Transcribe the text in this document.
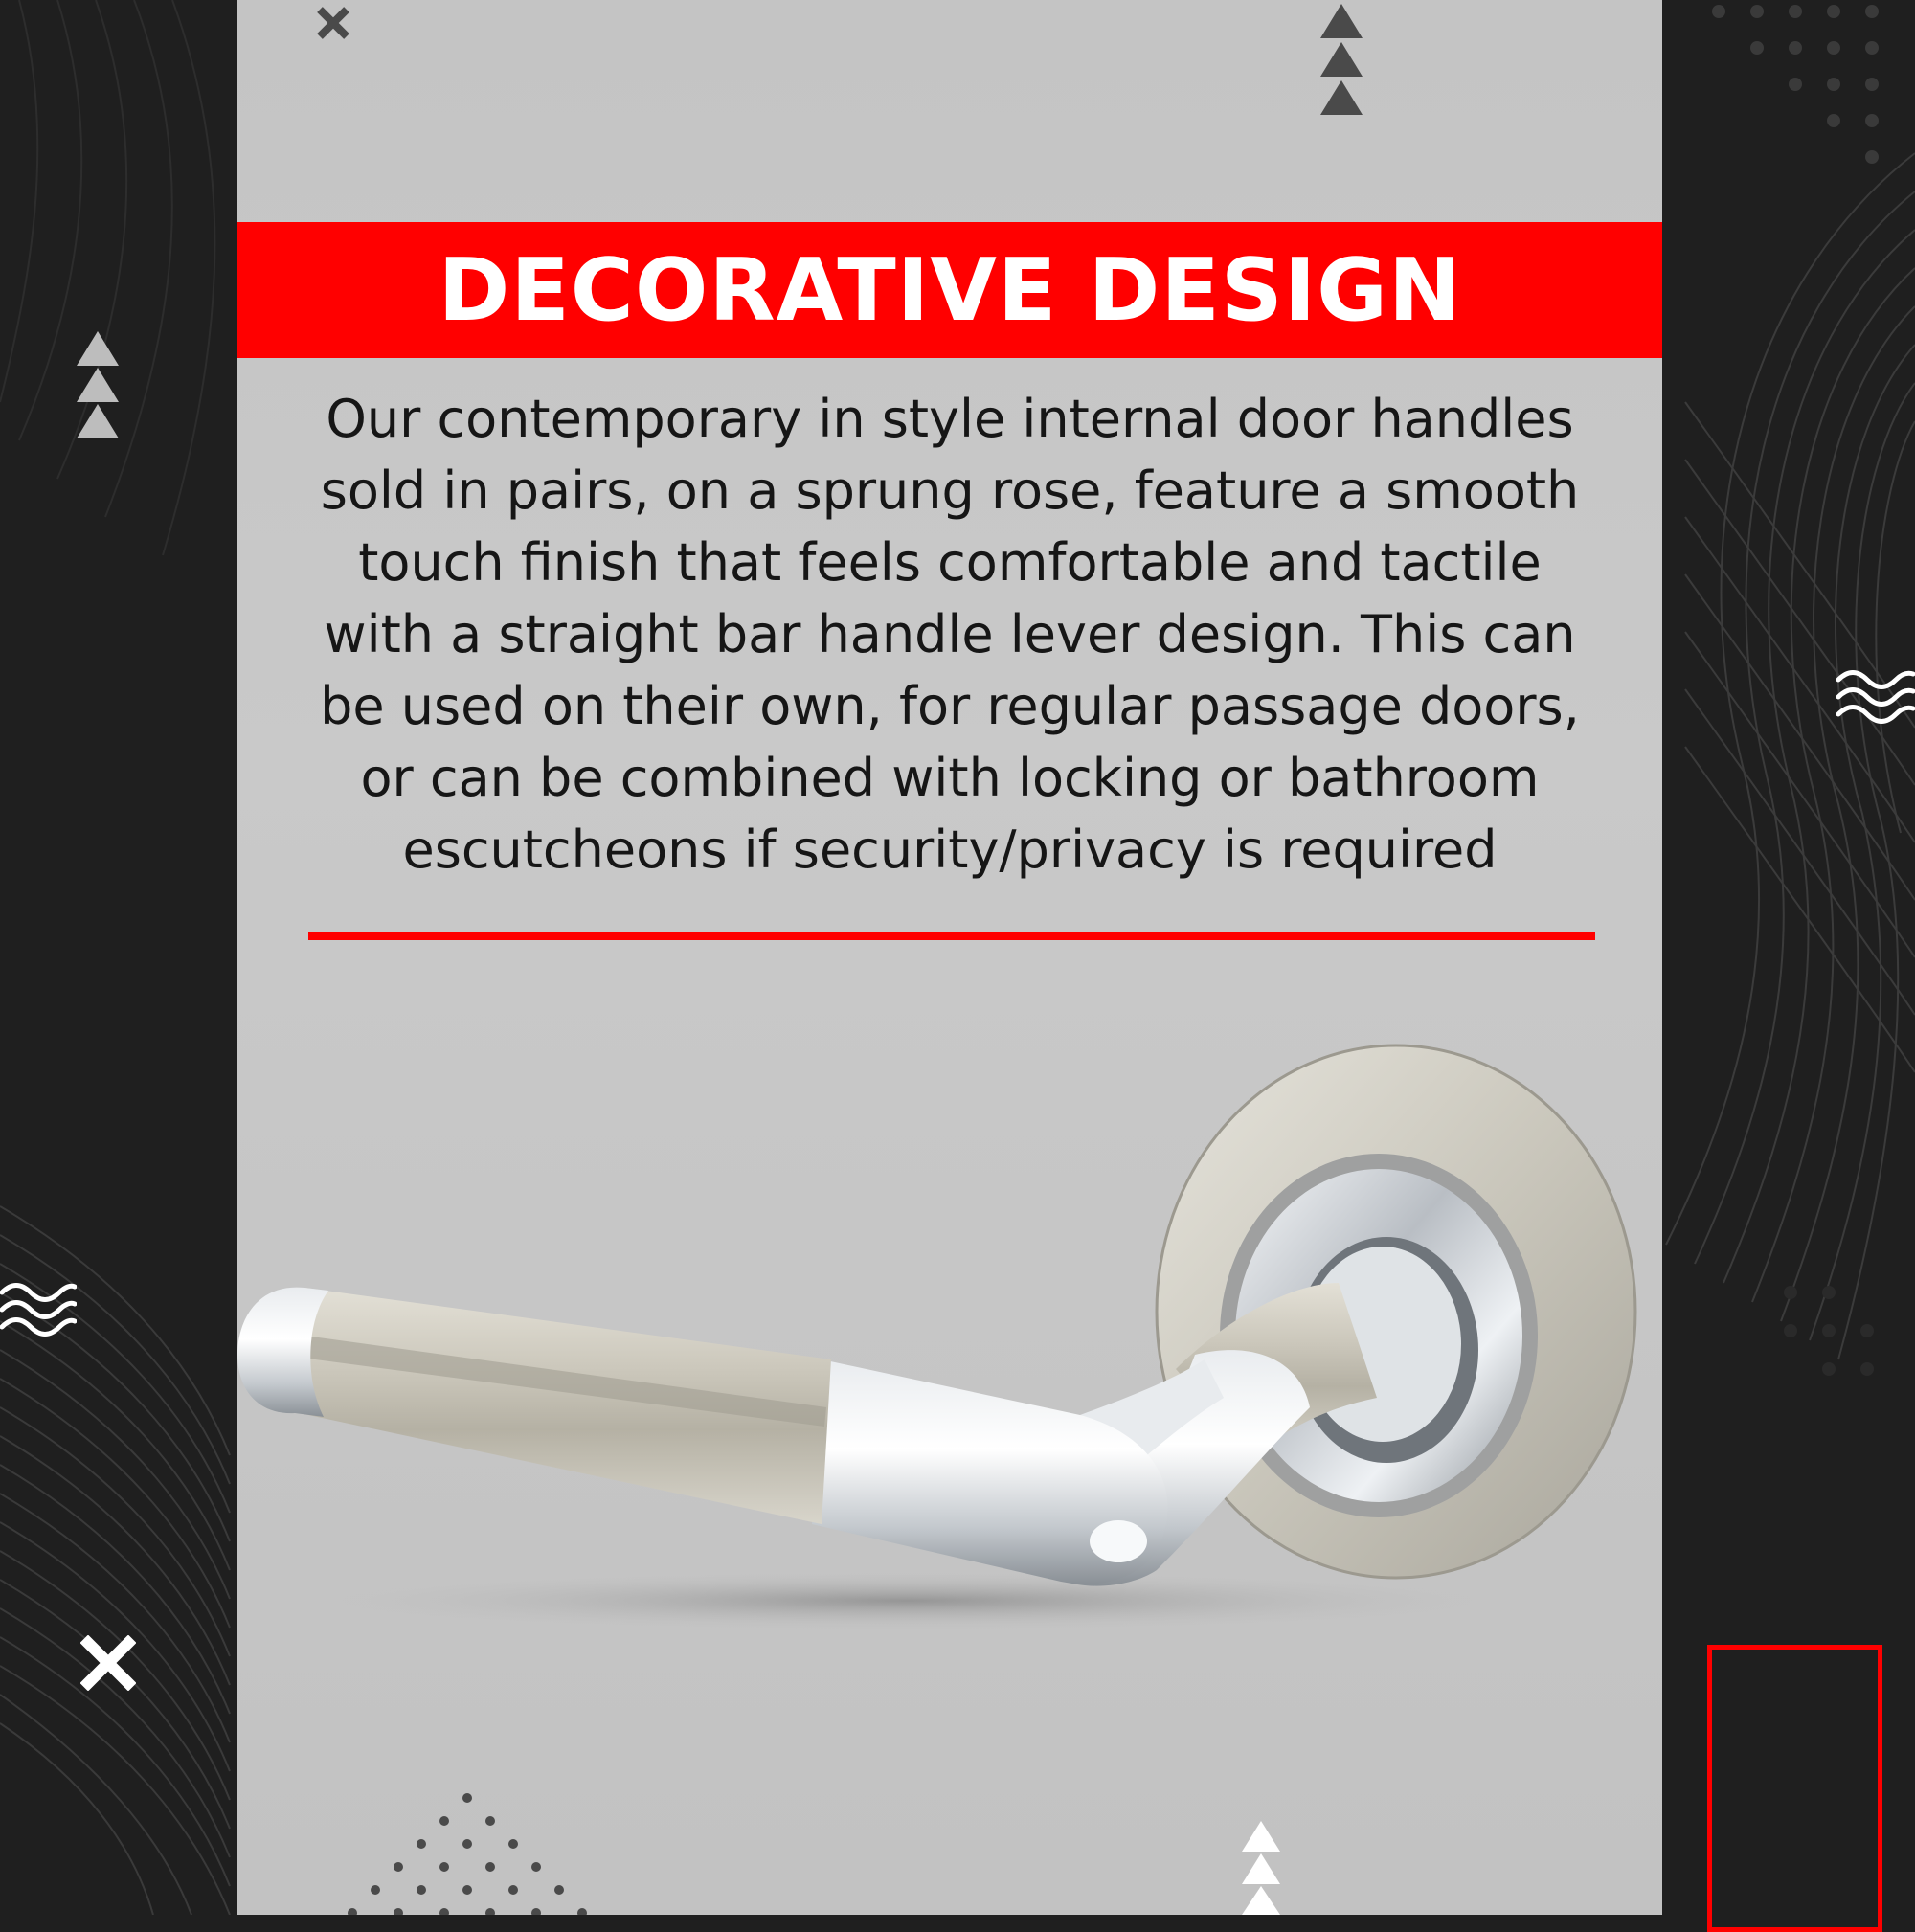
DECORATIVE DESIGN
Our contemporary in style internal door handles
sold in pairs, on a sprung rose, feature a smooth
touch finish that feels comfortable and tactile
with a straight bar handle lever design. This can
be used on their own, for regular passage doors,
or can be combined with locking or bathroom
escutcheons if security/privacy is required
